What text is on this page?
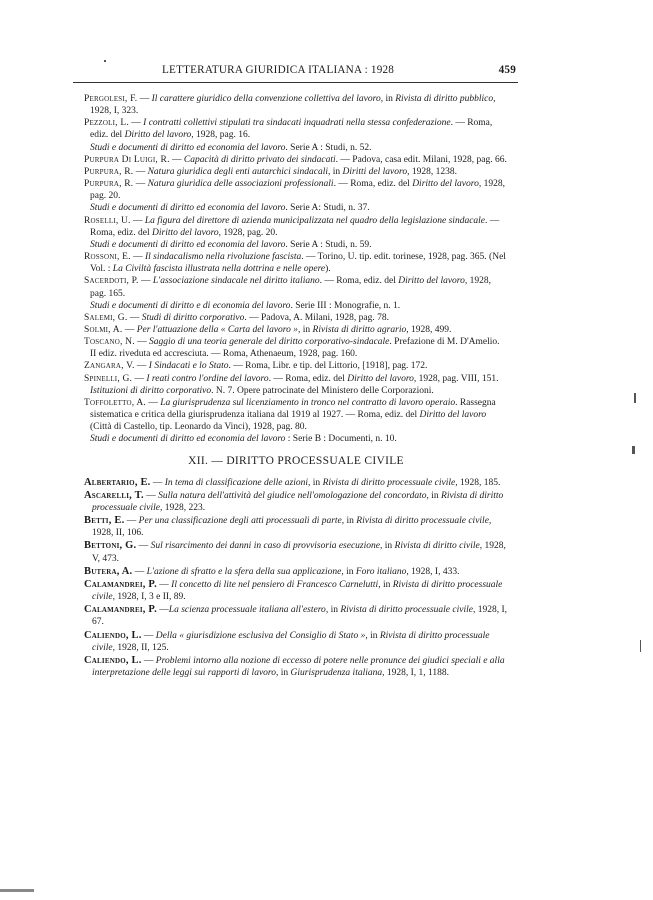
LETTERATURA GIURIDICA ITALIANA : 1928	459

Pergolesi, F. — Il carattere giuridico della convenzione collettiva del lavoro, in Rivista di diritto pubblico, 1928, I, 323.

Pezzoli, L. — I contratti collettivi stipulati tra sindacati inquadrati nella stessa confederazione. — Roma, ediz. del Diritto del lavoro, 1928, pag. 16.

Studi e documenti di diritto ed economia del lavoro. Serie A : Studi, n. 52.

Purpura Di Luigi, R. — Capacità di diritto privato dei sindacati. — Padova, casa edit. Milani, 1928, pag. 66.

Purpura, R. — Natura giuridica degli enti autarchici sindacali, in Diritti del lavoro, 1928, 1238.

Purpura, R. — Natura giuridica delle associazioni professionali. — Roma, ediz. del Diritto del lavoro, 1928, pag. 20.

Studi e documenti di diritto ed economia del lavoro. Serie A: Studi, n. 37.

Roselli, U. — La figura del direttore di azienda municipalizzata nel quadro della legislazione sindacale. — Roma, ediz. del Diritto del lavoro, 1928, pag. 20.

Studi e documenti di diritto ed economia del lavoro. Serie A : Studi, n. 59.

Rossoni, E. — Il sindacalismo nella rivoluzione fascista. — Torino, U. tip. edit. torinese, 1928, pag. 365. (Nel Vol. : La Civiltà fascista illustrata nella dottrina e nelle opere).

Sacerdoti, P. — L'associazione sindacale nel diritto italiano. — Roma, ediz. del Diritto del lavoro, 1928, pag. 165.

Studi e documenti di diritto e di economia del lavoro. Serie III : Monografie, n. 1.

Salemi, G. — Studi di diritto corporativo. — Padova, A. Milani, 1928, pag. 78.

Solmi, A. — Per l'attuazione della « Carta del lavoro », in Rivista di diritto agrario, 1928, 499.

Toscano, N. — Saggio di una teoria generale del diritto corporativo-sindacale. Prefazione di M. D'Amelio. II ediz. riveduta ed accresciuta. — Roma, Athenaeum, 1928, pag. 160.

Zangara, V. — I Sindacati e lo Stato. — Roma, Libr. e tip. del Littorio, [1918], pag. 172.

Spinelli, G. — I reati contro l'ordine del lavoro. — Roma, ediz. del Diritto del lavoro, 1928, pag. VIII, 151.

Istituzioni di diritto corporativo. N. 7. Opere patrocinate del Ministero delle Corporazioni.

Toffoletto, A. — La giurisprudenza sul licenziamento in tronco nel contratto di lavoro operaio. Rassegna sistematica e critica della giurisprudenza italiana dal 1919 al 1927. — Roma, ediz. del Diritto del lavoro (Città di Castello, tip. Leonardo da Vinci), 1928, pag. 80.

Studi e documenti di diritto ed economia del lavoro : Serie B : Documenti, n. 10.

XII. — DIRITTO PROCESSUALE CIVILE

Albertario, E. — In tema di classificazione delle azioni, in Rivista di diritto processuale civile, 1928, 185.

Ascarelli, T. — Sulla natura dell'attività del giudice nell'omologazione del concordato, in Rivista di diritto processuale civile, 1928, 223.

Betti, E. — Per una classificazione degli atti processuali di parte, in Rivista di diritto processuale civile, 1928, II, 106.

Bettoni, G. — Sul risarcimento dei danni in caso di provvisoria esecuzione, in Rivista di diritto civile, 1928, V, 473.

Butera, A. — L'azione di sfratto e la sfera della sua applicazione, in Foro italiano, 1928, I, 433.

Calamandrei, P. — Il concetto di lite nel pensiero di Francesco Carnelutti, in Rivista di diritto processuale civile, 1928, I, 3 e II, 89.

Calamandrei, P. —La scienza processuale italiana all'estero, in Rivista di diritto processuale civile, 1928, I, 67.

Caliendo, L. — Della « giurisdizione esclusiva del Consiglio di Stato », in Rivista di diritto processuale civile, 1928, II, 125.

Caliendo, L. — Problemi intorno alla nozione di eccesso di potere nelle pronunce dei giudici speciali e alla interpretazione delle leggi sui rapporti di lavoro, in Giurisprudenza italiana, 1928, I, 1, 1188.
